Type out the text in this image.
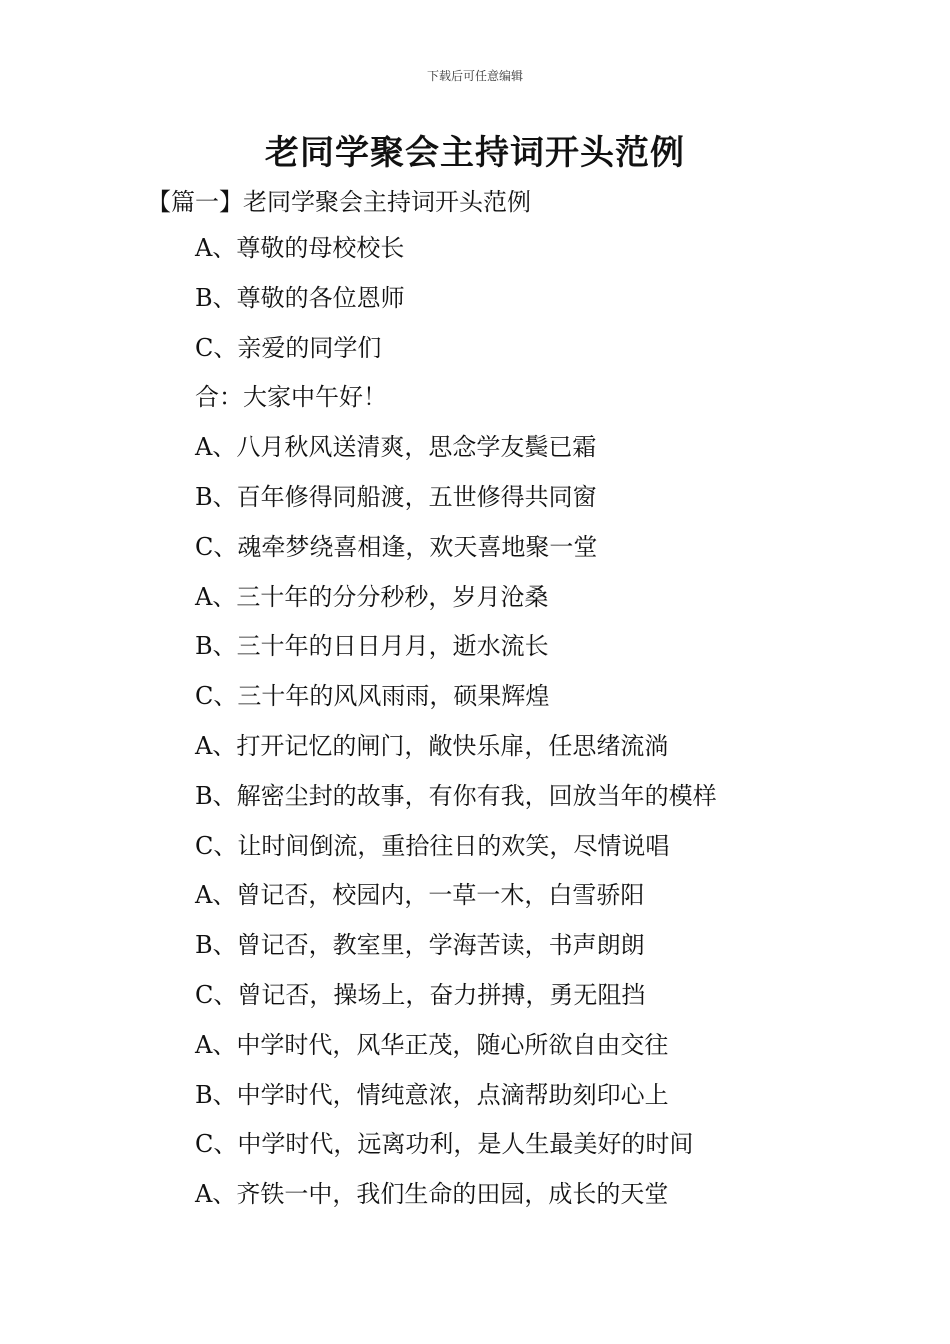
下载后可任意编辑
老同学聚会主持词开头范例
【篇一】老同学聚会主持词开头范例
A、尊敬的母校校长
B、尊敬的各位恩师
C、亲爱的同学们
合：大家中午好！
A、八月秋风送清爽，思念学友鬓已霜
B、百年修得同船渡，五世修得共同窗
C、魂牵梦绕喜相逢，欢天喜地聚一堂
A、三十年的分分秒秒，岁月沧桑
B、三十年的日日月月，逝水流长
C、三十年的风风雨雨，硕果辉煌
A、打开记忆的闸门，敞快乐扉，任思绪流淌
B、解密尘封的故事，有你有我，回放当年的模样
C、让时间倒流，重拾往日的欢笑，尽情说唱
A、曾记否，校园内，一草一木，白雪骄阳
B、曾记否，教室里，学海苦读，书声朗朗
C、曾记否，操场上，奋力拼搏，勇无阻挡
A、中学时代，风华正茂，随心所欲自由交往
B、中学时代，情纯意浓，点滴帮助刻印心上
C、中学时代，远离功利，是人生最美好的时间
A、齐铁一中，我们生命的田园，成长的天堂
